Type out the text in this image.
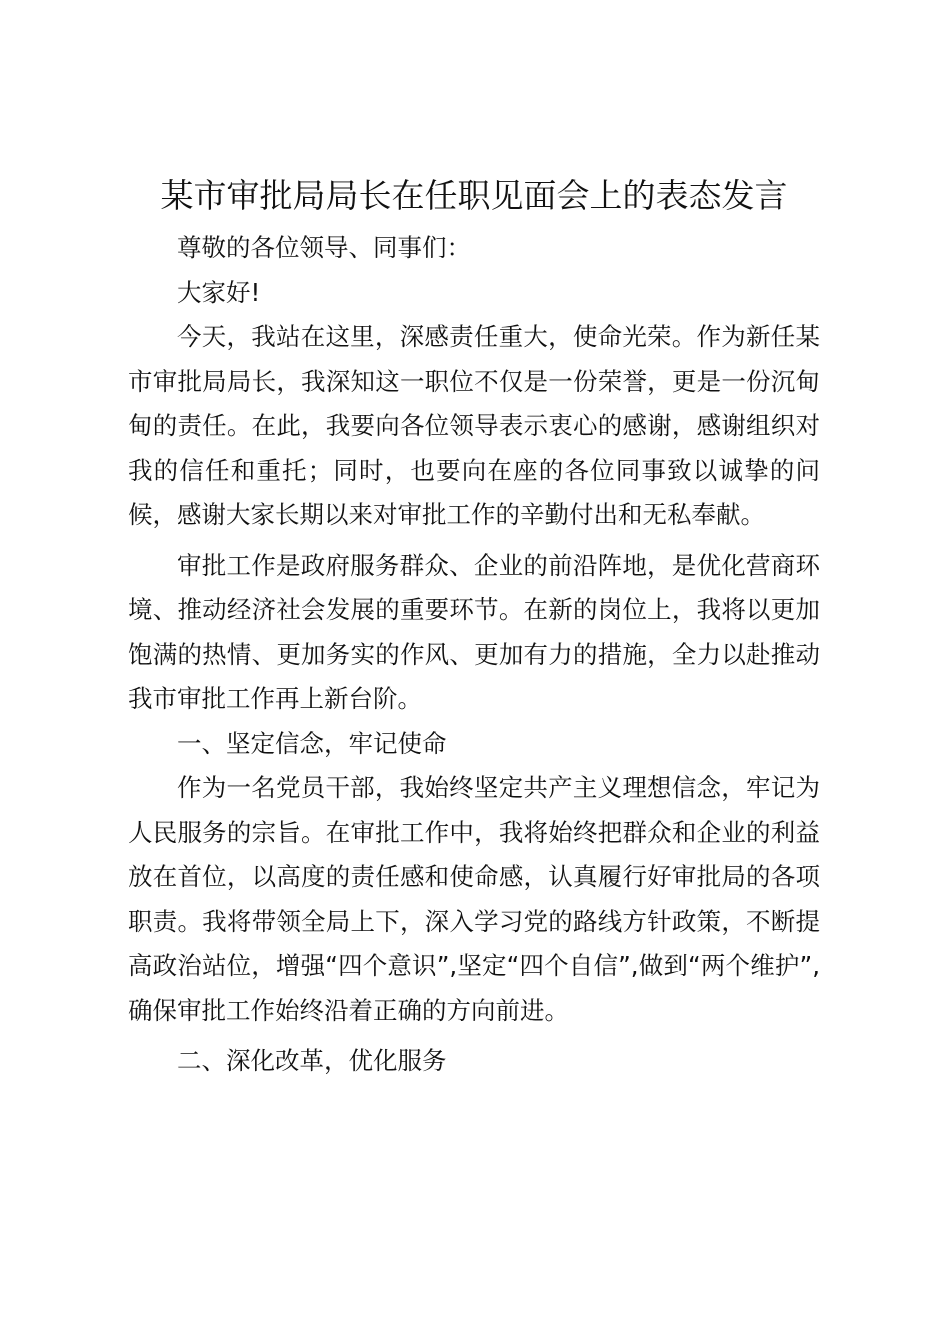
某市审批局局长在任职见面会上的表态发言

尊敬的各位领导、同事们：

大家好!

今天，我站在这里，深感责任重大，使命光荣。作为新任某市审批局局长，我深知这一职位不仅是一份荣誉，更是一份沉甸甸的责任。在此，我要向各位领导表示衷心的感谢，感谢组织对我的信任和重托；同时，也要向在座的各位同事致以诚挚的问候，感谢大家长期以来对审批工作的辛勤付出和无私奉献。

审批工作是政府服务群众、企业的前沿阵地，是优化营商环境、推动经济社会发展的重要环节。在新的岗位上，我将以更加饱满的热情、更加务实的作风、更加有力的措施，全力以赴推动我市审批工作再上新台阶。

一、坚定信念，牢记使命

作为一名党员干部，我始终坚定共产主义理想信念，牢记为人民服务的宗旨。在审批工作中，我将始终把群众和企业的利益放在首位，以高度的责任感和使命感，认真履行好审批局的各项职责。我将带领全局上下，深入学习党的路线方针政策，不断提高政治站位，增强“四个意识”,坚定“四个自信”,做到“两个维护”,确保审批工作始终沿着正确的方向前进。

二、深化改革，优化服务
